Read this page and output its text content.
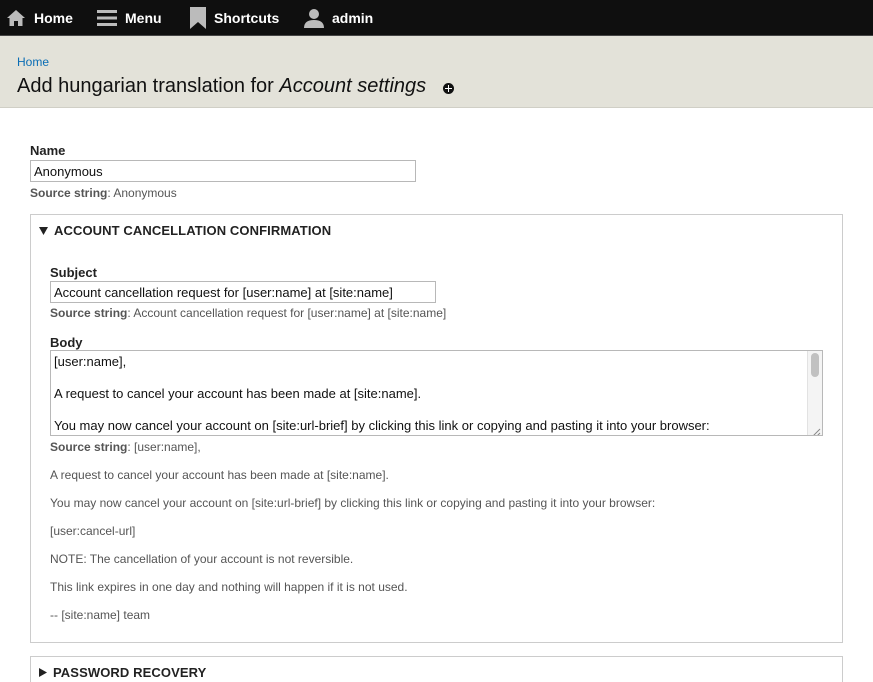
Home	Menu	Shortcuts	admin
Home
Add hungarian translation for Account settings
Name
Anonymous
Source string: Anonymous
ACCOUNT CANCELLATION CONFIRMATION
Subject
Account cancellation request for [user:name] at [site:name]
Source string: Account cancellation request for [user:name] at [site:name]
Body
[user:name],
A request to cancel your account has been made at [site:name].
You may now cancel your account on [site:url-brief] by clicking this link or copying and pasting it into your browser:
Source string: [user:name],
A request to cancel your account has been made at [site:name].
You may now cancel your account on [site:url-brief] by clicking this link or copying and pasting it into your browser:
[user:cancel-url]
NOTE: The cancellation of your account is not reversible.
This link expires in one day and nothing will happen if it is not used.
-- [site:name] team
PASSWORD RECOVERY
